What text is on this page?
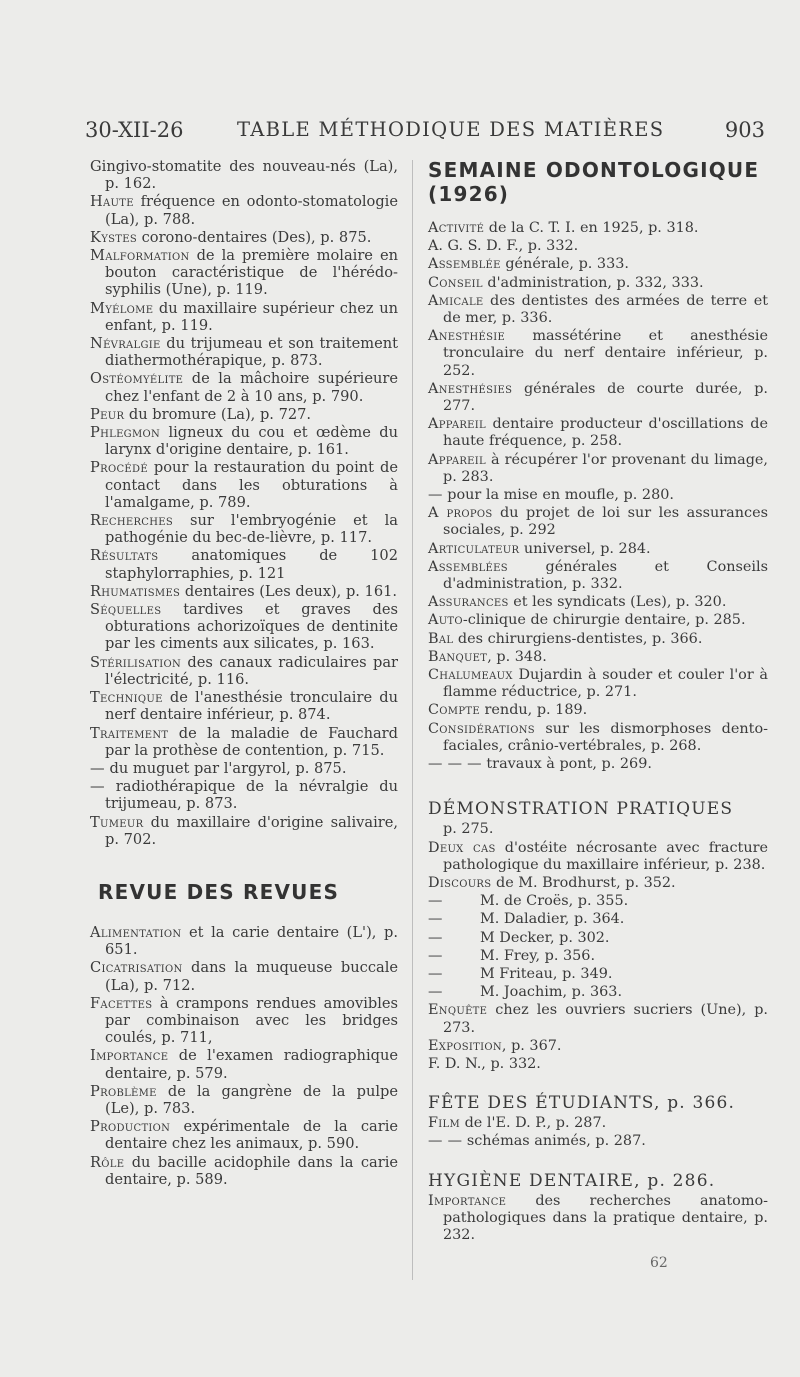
30-XII-26	TABLE MÉTHODIQUE DES MATIÈRES	903

Gingivo-stomatite des nouveau-nés (La), p. 162.

Haute fréquence en odonto-stomatologie (La), p. 788.

Kystes corono-dentaires (Des), p. 875.

Malformation de la première molaire en bouton caractéristique de l'hérédo-syphilis (Une), p. 119.

Myélome du maxillaire supérieur chez un enfant, p. 119.

Névralgie du trijumeau et son traitement diathermothérapique, p. 873.

Ostéomyélite de la mâchoire supérieure chez l'enfant de 2 à 10 ans, p. 790.

Peur du bromure (La), p. 727.

Phlegmon ligneux du cou et œdème du larynx d'origine dentaire, p. 161.

Procédé pour la restauration du point de contact dans les obturations à l'amalgame, p. 789.

Recherches sur l'embryogénie et la pathogénie du bec-de-lièvre, p. 117.

Résultats anatomiques de 102 staphylorraphies, p. 121

Rhumatismes dentaires (Les deux), p. 161.

Séquelles tardives et graves des obturations achorizoïques de dentinite par les ciments aux silicates, p. 163.

Stérilisation des canaux radiculaires par l'électricité, p. 116.

Technique de l'anesthésie tronculaire du nerf dentaire inférieur, p. 874.

Traitement de la maladie de Fauchard par la prothèse de contention, p. 715.

— du muguet par l'argyrol, p. 875.

— radiothérapique de la névralgie du trijumeau, p. 873.

Tumeur du maxillaire d'origine salivaire, p. 702.

REVUE DES REVUES

Alimentation et la carie dentaire (L'), p. 651.

Cicatrisation dans la muqueuse buccale (La), p. 712.

Facettes à crampons rendues amovibles par combinaison avec les bridges coulés, p. 711,

Importance de l'examen radiographique dentaire, p. 579.

Problème de la gangrène de la pulpe (Le), p. 783.

Production expérimentale de la carie dentaire chez les animaux, p. 590.

Rôle du bacille acidophile dans la carie dentaire, p. 589.

SEMAINE ODONTOLOGIQUE (1926)

Activité de la C. T. I. en 1925, p. 318.

A. G. S. D. F., p. 332.

Assemblée générale, p. 333.

Conseil d'administration, p. 332, 333.

Amicale des dentistes des armées de terre et de mer, p. 336.

Anesthésie massétérine et anesthésie tronculaire du nerf dentaire inférieur, p. 252.

Anesthésies générales de courte durée, p. 277.

Appareil dentaire producteur d'oscillations de haute fréquence, p. 258.

Appareil à récupérer l'or provenant du limage, p. 283.

— pour la mise en moufle, p. 280.

A propos du projet de loi sur les assurances sociales, p. 292

Articulateur universel, p. 284.

Assemblées générales et Conseils d'administration, p. 332.

Assurances et les syndicats (Les), p. 320.

Auto-clinique de chirurgie dentaire, p. 285.

Bal des chirurgiens-dentistes, p. 366.

Banquet, p. 348.

Chalumeaux Dujardin à souder et couler l'or à flamme réductrice, p. 271.

Compte rendu, p. 189.

Considérations sur les dismorphoses dento-faciales, crânio-vertébrales, p. 268.

— — — travaux à pont, p. 269.

DÉMONSTRATION PRATIQUES
p. 275.

Deux cas d'ostéite nécrosante avec fracture pathologique du maxillaire inférieur, p. 238.

Discours de M. Brodhurst, p. 352.

—	M. de Croës, p. 355.

—	M. Daladier, p. 364.

—	M Decker, p. 302.

—	M. Frey, p. 356.

—	M Friteau, p. 349.

—	M. Joachim, p. 363.

Enquête chez les ouvriers sucriers (Une), p. 273.

Exposition, p. 367.

F. D. N., p. 332.

FÊTE DES ÉTUDIANTS, p. 366.

Film de l'E. D. P., p. 287.

— — schémas animés, p. 287.

HYGIÈNE DENTAIRE, p. 286.

Importance des recherches anatomo-pathologiques dans la pratique dentaire, p. 232.

62
